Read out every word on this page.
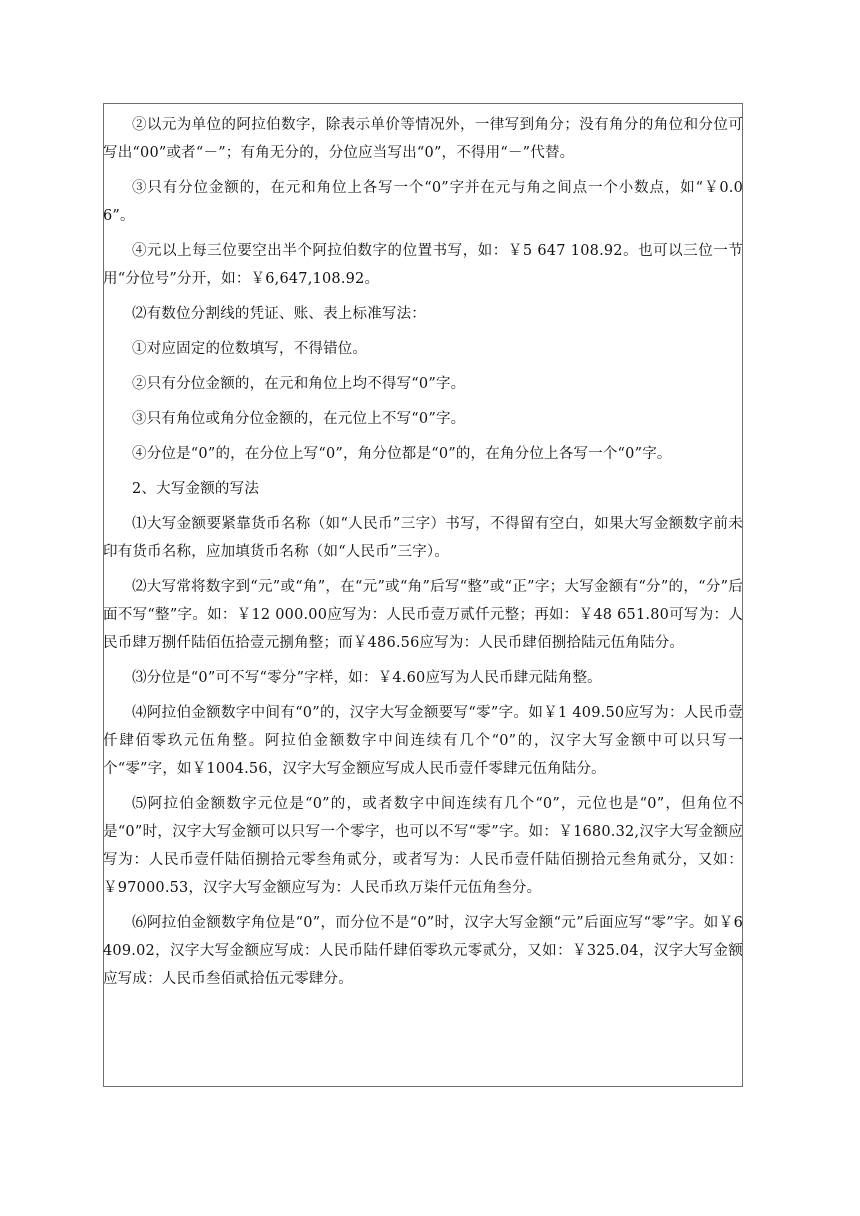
②以元为单位的阿拉伯数字，除表示单价等情况外，一律写到角分；没有角分的角位和分位可写出“00”或者“－”；有角无分的，分位应当写出“0”，不得用“－”代替。

③只有分位金额的，在元和角位上各写一个“0”字并在元与角之间点一个小数点，如“￥0.06”。

④元以上每三位要空出半个阿拉伯数字的位置书写，如：￥5 647 108.92。也可以三位一节用“分位号”分开，如：￥6,647,108.92。

⑵有数位分割线的凭证、账、表上标准写法：

①对应固定的位数填写，不得错位。

②只有分位金额的，在元和角位上均不得写“0”字。

③只有角位或角分位金额的，在元位上不写“0”字。

④分位是“0”的，在分位上写“0”，角分位都是“0”的，在角分位上各写一个“0”字。

2、大写金额的写法

⑴大写金额要紧靠货币名称（如“人民币”三字）书写，不得留有空白，如果大写金额数字前未印有货币名称，应加填货币名称（如“人民币”三字）。

⑵大写常将数字到“元”或“角”，在“元”或“角”后写“整”或“正”字；大写金额有“分”的，“分”后面不写“整”字。如：￥12 000.00应写为：人民币壹万贰仟元整；再如：￥48 651.80可写为：人民币肆万捌仟陆佰伍拾壹元捌角整；而￥486.56应写为：人民币肆佰捌拾陆元伍角陆分。

⑶分位是“0”可不写“零分”字样，如：￥4.60应写为人民币肆元陆角整。

⑷阿拉伯金额数字中间有“0”的，汉字大写金额要写“零”字。如￥1 409.50应写为：人民币壹仟肆佰零玖元伍角整。阿拉伯金额数字中间连续有几个“0”的，汉字大写金额中可以只写一个“零”字，如￥1004.56，汉字大写金额应写成人民币壹仟零肆元伍角陆分。

⑸阿拉伯金额数字元位是“0”的，或者数字中间连续有几个“0”，元位也是“0”，但角位不是“0”时，汉字大写金额可以只写一个零字，也可以不写“零”字。如：￥1680.32,汉字大写金额应写为：人民币壹仟陆佰捌拾元零叁角贰分，或者写为：人民币壹仟陆佰捌拾元叁角贰分，又如：￥97000.53，汉字大写金额应写为：人民币玖万柒仟元伍角叁分。

⑹阿拉伯金额数字角位是“0”，而分位不是“0”时，汉字大写金额“元”后面应写“零”字。如￥6 409.02，汉字大写金额应写成：人民币陆仟肆佰零玖元零贰分，又如：￥325.04，汉字大写金额应写成：人民币叁佰贰拾伍元零肆分。
